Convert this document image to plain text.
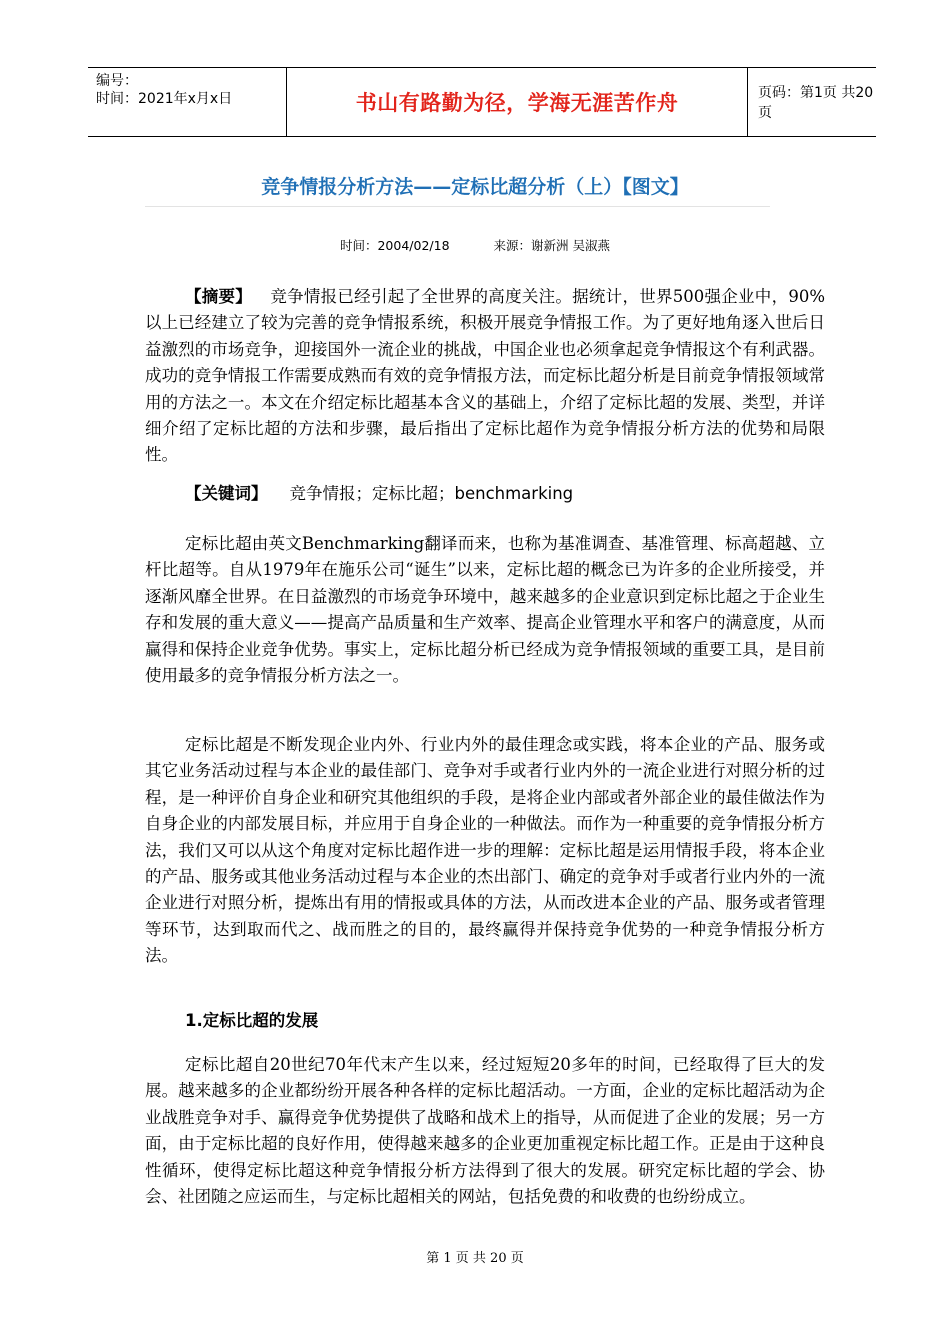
编号：
时间：2021年x月x日	书山有路勤为径，学海无涯苦作舟	页码：第1页 共20页
竞争情报分析方法——定标比超分析（上）【图文】
时间：2004/02/18	来源：谢新洲 吴淑燕
【摘要】 竞争情报已经引起了全世界的高度关注。据统计，世界500强企业中，90%以上已经建立了较为完善的竞争情报系统，积极开展竞争情报工作。为了更好地角逐入世后日益激烈的市场竞争，迎接国外一流企业的挑战，中国企业也必须拿起竞争情报这个有利武器。成功的竞争情报工作需要成熟而有效的竞争情报方法，而定标比超分析是目前竞争情报领域常用的方法之一。本文在介绍定标比超基本含义的基础上，介绍了定标比超的发展、类型，并详细介绍了定标比超的方法和步骤，最后指出了定标比超作为竞争情报分析方法的优势和局限性。
【关键词】 竞争情报；定标比超；benchmarking
定标比超由英文Benchmarking翻译而来，也称为基准调查、基准管理、标高超越、立杆比超等。自从1979年在施乐公司“诞生”以来，定标比超的概念已为许多的企业所接受，并逐渐风靡全世界。在日益激烈的市场竞争环境中，越来越多的企业意识到定标比超之于企业生存和发展的重大意义——提高产品质量和生产效率、提高企业管理水平和客户的满意度，从而赢得和保持企业竞争优势。事实上，定标比超分析已经成为竞争情报领域的重要工具，是目前使用最多的竞争情报分析方法之一。
定标比超是不断发现企业内外、行业内外的最佳理念或实践，将本企业的产品、服务或其它业务活动过程与本企业的最佳部门、竞争对手或者行业内外的一流企业进行对照分析的过程，是一种评价自身企业和研究其他组织的手段，是将企业内部或者外部企业的最佳做法作为自身企业的内部发展目标，并应用于自身企业的一种做法。而作为一种重要的竞争情报分析方法，我们又可以从这个角度对定标比超作进一步的理解：定标比超是运用情报手段，将本企业的产品、服务或其他业务活动过程与本企业的杰出部门、确定的竞争对手或者行业内外的一流企业进行对照分析，提炼出有用的情报或具体的方法，从而改进本企业的产品、服务或者管理等环节，达到取而代之、战而胜之的目的，最终赢得并保持竞争优势的一种竞争情报分析方法。
1.定标比超的发展
定标比超自20世纪70年代末产生以来，经过短短20多年的时间，已经取得了巨大的发展。越来越多的企业都纷纷开展各种各样的定标比超活动。一方面，企业的定标比超活动为企业战胜竞争对手、赢得竞争优势提供了战略和战术上的指导，从而促进了企业的发展；另一方面，由于定标比超的良好作用，使得越来越多的企业更加重视定标比超工作。正是由于这种良性循环，使得定标比超这种竞争情报分析方法得到了很大的发展。研究定标比超的学会、协会、社团随之应运而生，与定标比超相关的网站，包括免费的和收费的也纷纷成立。
第 1 页 共 20 页
